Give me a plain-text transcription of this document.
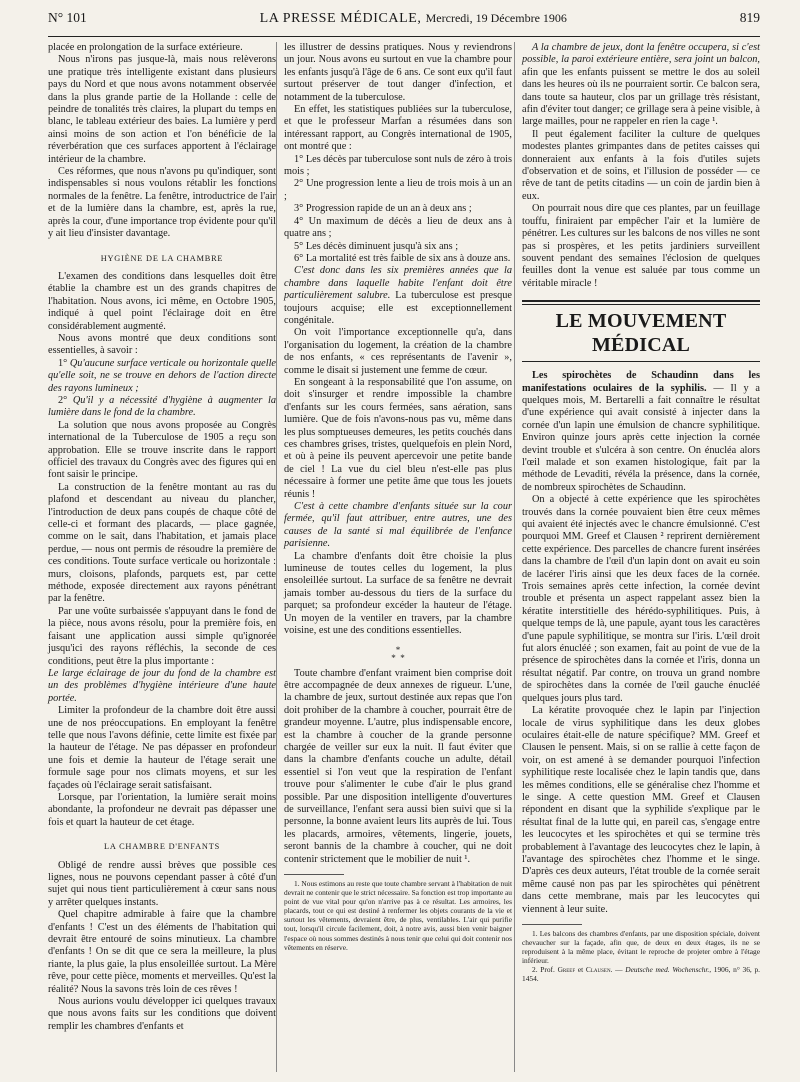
N° 101	LA PRESSE MÉDICALE, Mercredi, 19 Décembre 1906	819

placée en prolongation de la surface extérieure.

Nous n'irons pas jusque-là, mais nous relèverons une pratique très intelligente existant dans plusieurs pays du Nord et que nous avons notamment observée dans la plus grande partie de la Hollande : celle de peindre de tonalités très claires, la plupart du temps en blanc, le tableau extérieur des baies. La lumière y perd ainsi moins de son action et l'on bénéficie de la réverbération que ces surfaces apportent à l'éclairage intérieur de la chambre.

Ces réformes, que nous n'avons pu qu'indiquer, sont indispensables si nous voulons rétablir les fonctions normales de la fenêtre. La fenêtre, introductrice de l'air et de la lumière dans la chambre, est, après la rue, après la cour, d'une importance trop évidente pour qu'il y ait lieu d'insister davantage.

HYGIÈNE DE LA CHAMBRE

L'examen des conditions dans lesquelles doit être établie la chambre est un des grands chapitres de l'habitation. Nous avons, ici même, en Octobre 1905, indiqué à quel point l'éclairage doit en être considérablement augmenté.

Nous avons montré que deux conditions sont essentielles, à savoir :

1° Qu'aucune surface verticale ou horizontale quelle qu'elle soit, ne se trouve en dehors de l'action directe des rayons lumineux ;

2° Qu'il y a nécessité d'hygiène à augmenter la lumière dans le fond de la chambre.

La solution que nous avons proposée au Congrès international de la Tuberculose de 1905 a reçu son approbation. Elle se trouve inscrite dans le rapport officiel des travaux du Congrès avec des figures qui en font saisir le principe.

La construction de la fenêtre montant au ras du plafond et descendant au niveau du plancher, l'introduction de deux pans coupés de chaque côté de celle-ci et formant des placards, — place gagnée, comme on le sait, dans l'habitation, et jamais place perdue, — nous ont permis de résoudre la première de ces conditions. Toute surface verticale ou horizontale : murs, cloisons, plafonds, parquets est, par cette méthode, exposée directement aux rayons pénétrant par la fenêtre.

Par une voûte surbaissée s'appuyant dans le fond de la pièce, nous avons résolu, pour la première fois, en faisant une application aussi simple qu'ignorée jusqu'ici des rayons réfléchis, la seconde de ces conditions, peut être la plus importante :

Le large éclairage de jour du fond de la chambre est un des problèmes d'hygiène intérieure d'une haute portée.

Limiter la profondeur de la chambre doit être aussi une de nos préoccupations. En employant la fenêtre telle que nous l'avons définie, cette limite est fixée par la hauteur de l'étage. Ne pas dépasser en profondeur une fois et demie la hauteur de l'étage serait une formule sage pour nos climats moyens, et sur les façades où l'éclairage serait satisfaisant.

Lorsque, par l'orientation, la lumière serait moins abondante, la profondeur ne devrait pas dépasser une fois et quart la hauteur de cet étage.

LA CHAMBRE D'ENFANTS

Obligé de rendre aussi brèves que possible ces lignes, nous ne pouvons cependant passer à côté d'un sujet qui nous tient particulièrement à cœur sans nous y arrêter quelques instants.

Quel chapitre admirable à faire que la chambre d'enfants ! C'est un des éléments de l'habitation qui devrait être entouré de soins minutieux. La chambre d'enfants ! On se dit que ce sera la meilleure, la plus riante, la plus gaie, la plus ensoleillée surtout. La Mère rêve, pour cette pièce, moments et merveilles. Qu'est la réalité? Nous la savons très loin de ces rêves !

Nous aurions voulu développer ici quelques travaux que nous avons faits sur les conditions que doivent remplir les chambres d'enfants et

les illustrer de dessins pratiques. Nous y reviendrons un jour. Nous avons eu surtout en vue la chambre pour les enfants jusqu'à l'âge de 6 ans. Ce sont eux qu'il faut surtout préserver de tout danger d'infection, et notamment de la tuberculose.

En effet, les statistiques publiées sur la tuberculose, et que le professeur Marfan a résumées dans son intéressant rapport, au Congrès international de 1905, ont montré que :

1° Les décès par tuberculose sont nuls de zéro à trois mois ;

2° Une progression lente a lieu de trois mois à un an ;

3° Progression rapide de un an à deux ans ;

4° Un maximum de décès a lieu de deux ans à quatre ans ;

5° Les décès diminuent jusqu'à six ans ;

6° La mortalité est très faible de six ans à douze ans.

C'est donc dans les six premières années que la chambre dans laquelle habite l'enfant doit être particulièrement salubre. La tuberculose est presque toujours acquise; elle est exceptionnellement congénitale.

On voit l'importance exceptionnelle qu'a, dans l'organisation du logement, la création de la chambre de nos enfants, « ces représentants de l'avenir », comme le disait si justement une femme de cœur.

En songeant à la responsabilité que l'on assume, on doit s'insurger et rendre impossible la chambre d'enfants sur les cours fermées, sans aération, sans lumière. Que de fois n'avons-nous pas vu, même dans les plus somptueuses demeures, les petits couchés dans ces chambres grises, tristes, quelquefois en plein Nord, et où à peine ils peuvent apercevoir une petite bande de ciel ! La vue du ciel bleu n'est-elle pas plus nécessaire à former une petite âme que tous les jouets réunis !

C'est à cette chambre d'enfants située sur la cour fermée, qu'il faut attribuer, entre autres, une des causes de la santé si mal équilibrée de l'enfance parisienne.

La chambre d'enfants doit être choisie la plus lumineuse de toutes celles du logement, la plus ensoleillée surtout. La surface de sa fenêtre ne devrait jamais tomber au-dessous du tiers de la surface du parquet; sa profondeur excéder la hauteur de l'étage. Un moyen de la ventiler en travers, par la chambre voisine, est une des conditions essentielles.

*
*  *

Toute chambre d'enfant vraiment bien comprise doit être accompagnée de deux annexes de rigueur. L'une, la chambre de jeux, surtout destinée aux repas que l'on doit prohiber de la chambre à coucher, pourrait être de grandeur moyenne. L'autre, plus indispensable encore, est la chambre à coucher de la grande personne chargée de veiller sur eux la nuit. Il faut éviter que dans la chambre d'enfants couche un adulte, détail essentiel si l'on veut que la respiration de l'enfant trouve pour s'alimenter le cube d'air le plus grand possible. Par une disposition intelligente d'ouvertures de surveillance, l'enfant sera aussi bien suivi que si la personne, la bonne avaient leurs lits auprès de lui. Tous les placards, armoires, vêtements, lingerie, jouets, seront bannis de la chambre à coucher, qui ne doit contenir strictement que le mobilier de nuit ¹.

1. Nous estimons au reste que toute chambre servant à l'habitation de nuit devrait ne contenir que le strict nécessaire. Sa fonction est trop importante au point de vue vital pour qu'on n'arrive pas à ce résultat. Les armoires, les placards, tout ce qui est destiné à renfermer les objets courants de la vie et surtout les vêtements, devraient être, de plus, ventilables. L'air qui purifie tout, lorsqu'il circule facilement, doit, à notre avis, aussi bien venir baigner l'espace où nous sommes destinés à nous tenir que celui qui doit contenir nos vêtements en réserve.

A la chambre de jeux, dont la fenêtre occupera, si c'est possible, la paroi extérieure entière, sera joint un balcon, afin que les enfants puissent se mettre le dos au soleil dans les heures où ils ne pourraient sortir. Ce balcon sera, dans toute sa hauteur, clos par un grillage très résistant, afin d'éviter tout danger; ce grillage sera à peine visible, à large mailles, pour ne rappeler en rien la cage ¹.

Il peut également faciliter la culture de quelques modestes plantes grimpantes dans de petites caisses qui donneraient aux enfants à la fois d'utiles sujets d'observation et de soins, et l'illusion de posséder — ce rêve de tant de petits citadins — un coin de jardin bien à eux.

On pourrait nous dire que ces plantes, par un feuillage touffu, finiraient par empêcher l'air et la lumière de pénétrer. Les cultures sur les balcons de nos villes ne sont pas si prospères, et les petits jardiniers surveillent souvent pendant des semaines l'éclosion de quelques feuilles dont la venue est saluée par tous comme un véritable miracle !

LE MOUVEMENT MÉDICAL

Les spirochètes de Schaudinn dans les manifestations oculaires de la syphilis. — Il y a quelques mois, M. Bertarelli a fait connaître le résultat d'une expérience qui avait consisté à injecter dans la cornée d'un lapin une émulsion de chancre syphilitique. Environ quinze jours après cette injection la cornée devint trouble et s'ulcéra à son centre. On énucléa alors l'œil malade et son examen histologique, fait par la méthode de Levaditi, révéla la présence, dans la cornée, de nombreux spirochètes de Schaudinn.

On a objecté à cette expérience que les spirochètes trouvés dans la cornée pouvaient bien être ceux mêmes qui avaient été injectés avec le chancre émulsionné. C'est pourquoi MM. Greef et Clausen ² reprirent dernièrement cette expérience. Des parcelles de chancre furent insérées dans la chambre de l'œil d'un lapin dont on avait eu soin de lacérer l'iris ainsi que les deux faces de la cornée. Trois semaines après cette infection, la cornée devint trouble et présenta un aspect rappelant assez bien la kératite interstitielle des hérédo-syphilitiques. Puis, à quelque temps de là, une papule, ayant tous les caractères d'une papule syphilitique, se montra sur l'iris. L'œil droit fut alors énucléé ; son examen, fait au point de vue de la présence de spirochètes dans la cornée et l'iris, donna un résultat négatif. Par contre, on trouva un grand nombre de spirochètes dans la cornée de l'œil gauche énucléé quelques jours plus tard.

La kératite provoquée chez le lapin par l'injection locale de virus syphilitique dans les deux globes oculaires était-elle de nature spécifique? MM. Greef et Clausen le pensent. Mais, si on se rallie à cette façon de voir, on est amené à se demander pourquoi l'infection syphilitique reste localisée chez le lapin tandis que, dans les mêmes conditions, elle se généralise chez l'homme et le singe. A cette question MM. Greef et Clausen répondent en disant que la syphilide s'explique par le résultat final de la lutte qui, en pareil cas, s'engage entre les leucocytes et les spirochètes et qui se termine très probablement à l'avantage des leucocytes chez le lapin, à l'avantage des spirochètes chez l'homme et le singe. D'après ces deux auteurs, l'état trouble de la cornée serait même causé non pas par les spirochètes qui pénètrent dans cette membrane, mais par les leucocytes qui viennent à leur suite.

1. Les balcons des chambres d'enfants, par une disposition spéciale, doivent chevaucher sur la façade, afin que, de deux en deux étages, ils ne se reproduisent à la même place, évitant le reproche de projeter ombre à l'étage inférieur.

2. Prof. Greef et Clausen. — Deutsche med. Wochenschr., 1906, n° 36, p. 1454.
